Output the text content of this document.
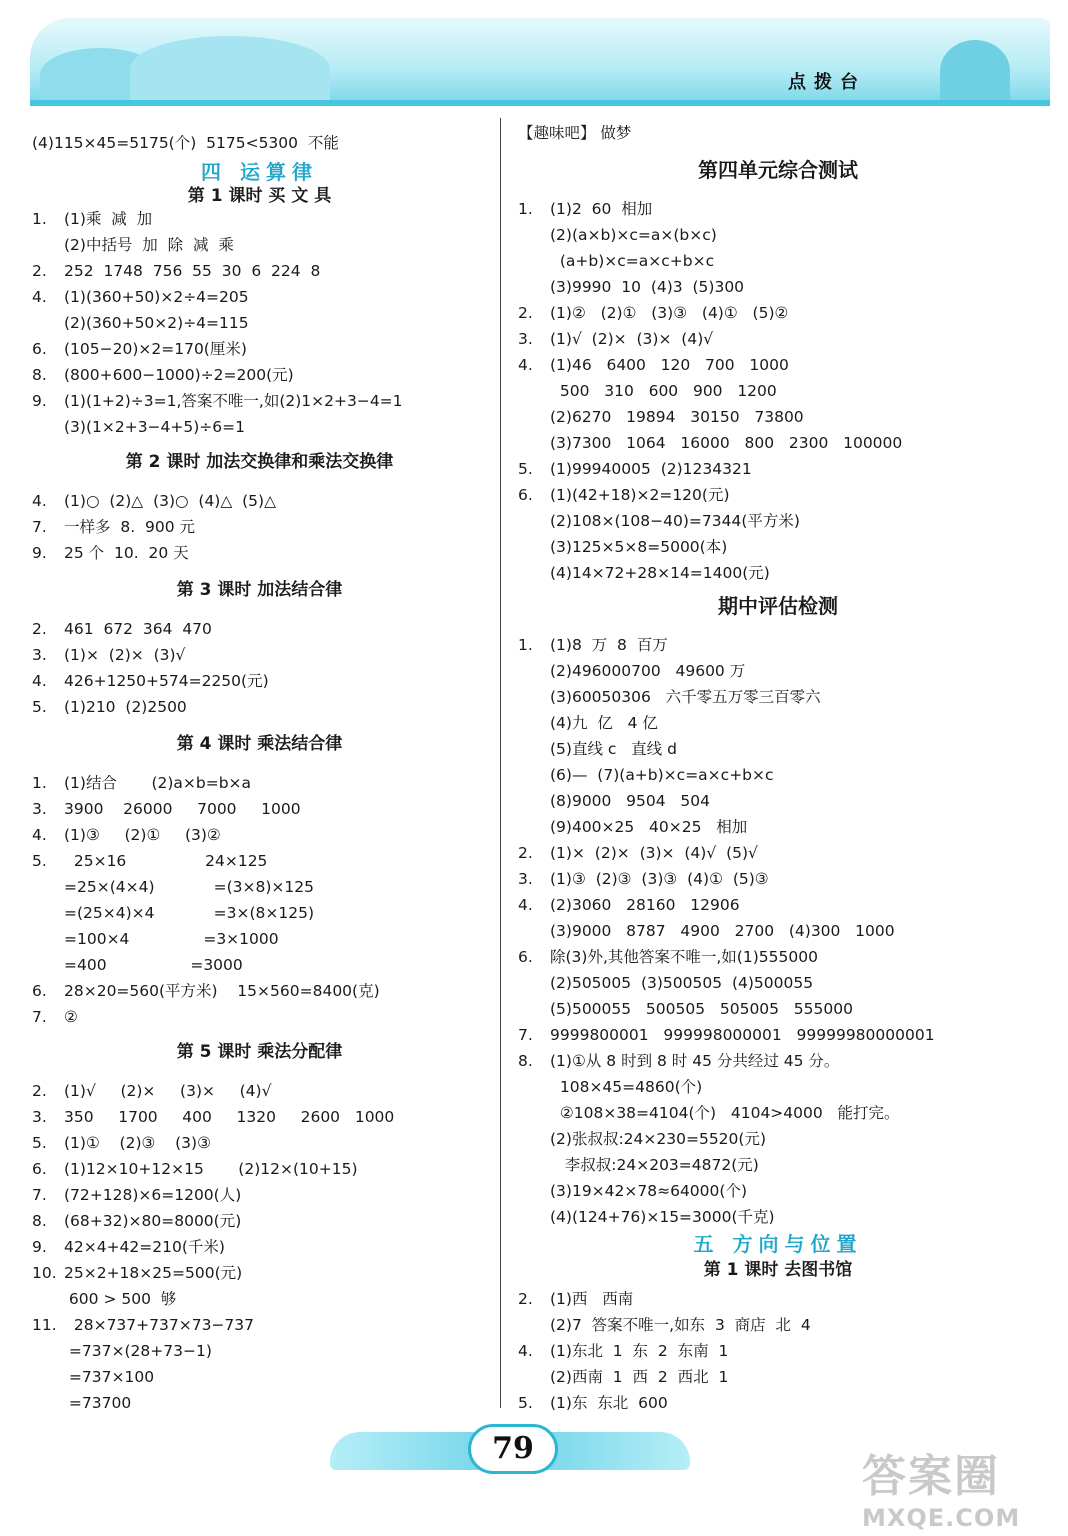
点拨台
(4)115×45=5175(个)  5175<5300  不能
四 运算律
第 1 课时 买 文 具
1. (1)乘  减  加
(2)中括号  加  除  减  乘
2. 252  1748  756  55  30  6  224  8
4. (1)(360+50)×2÷4=205
(2)(360+50×2)÷4=115
6. (105−20)×2=170(厘米)
8. (800+600−1000)÷2=200(元)
9. (1)(1+2)÷3=1,答案不唯一,如(2)1×2+3−4=1
(3)(1×2+3−4+5)÷6=1
第 2 课时 加法交换律和乘法交换律
4. (1)○  (2)△  (3)○  (4)△  (5)△
7. 一样多  8.  900 元
9. 25 个  10.  20 天
第 3 课时 加法结合律
2. 461  672  364  470
3. (1)×  (2)×  (3)√
4. 426+1250+574=2250(元)
5. (1)210  (2)2500
第 4 课时 乘法结合律
1. (1)结合       (2)a×b=b×a
3. 3900    26000     7000     1000
4. (1)③     (2)①     (3)②
5.  25×16                24×125
=25×(4×4)            =(3×8)×125
=(25×4)×4            =3×(8×125)
=100×4               =3×1000
=400                 =3000
6. 28×20=560(平方米)    15×560=8400(克)
7. ②
第 5 课时 乘法分配律
2. (1)√     (2)×     (3)×     (4)√
3. 350     1700     400     1320     2600   1000
5. (1)①    (2)③    (3)③
6. (1)12×10+12×15       (2)12×(10+15)
7. (72+128)×6=1200(人)
8. (68+32)×80=8000(元)
9. 42×4+42=210(千米)
10. 25×2+18×25=500(元)
600 > 500  够
11.  28×737+737×73−737
=737×(28+73−1)
=737×100
=73700
【趣味吧】 做梦
第四单元综合测试
1. (1)2  60  相加
(2)(a×b)×c=a×(b×c)
(a+b)×c=a×c+b×c
(3)9990  10  (4)3  (5)300
2. (1)②   (2)①   (3)③   (4)①   (5)②
3. (1)√  (2)×  (3)×  (4)√
4. (1)46   6400   120   700   1000
500   310   600   900   1200
(2)6270   19894   30150   73800
(3)7300   1064   16000   800   2300   100000
5. (1)99940005  (2)1234321
6. (1)(42+18)×2=120(元)
(2)108×(108−40)=7344(平方米)
(3)125×5×8=5000(本)
(4)14×72+28×14=1400(元)
期中评估检测
1. (1)8  万  8  百万
(2)496000700   49600 万
(3)60050306   六千零五万零三百零六
(4)九  亿   4 亿
(5)直线 c   直线 d
(6)—  (7)(a+b)×c=a×c+b×c
(8)9000   9504   504
(9)400×25   40×25   相加
2. (1)×  (2)×  (3)×  (4)√  (5)√
3. (1)③  (2)③  (3)③  (4)①  (5)③
4. (2)3060   28160   12906
(3)9000   8787   4900   2700   (4)300   1000
6. 除(3)外,其他答案不唯一,如(1)555000
(2)505005  (3)500505  (4)500055
(5)500055   500505   505005   555000
7. 9999800001   999998000001   99999980000001
8. (1)①从 8 时到 8 时 45 分共经过 45 分。
108×45=4860(个)
②108×38=4104(个)   4104>4000   能打完。
(2)张叔叔:24×230=5520(元)
李叔叔:24×203=4872(元)
(3)19×42×78≈64000(个)
(4)(124+76)×15=3000(千克)
五 方向与位置
第 1 课时 去图书馆
2. (1)西   西南
(2)7  答案不唯一,如东  3  商店  北  4
4. (1)东北  1  东  2  东南  1
(2)西南  1  西  2  西北  1
5. (1)东  东北  600
79
答案圈
MXQE.COM
